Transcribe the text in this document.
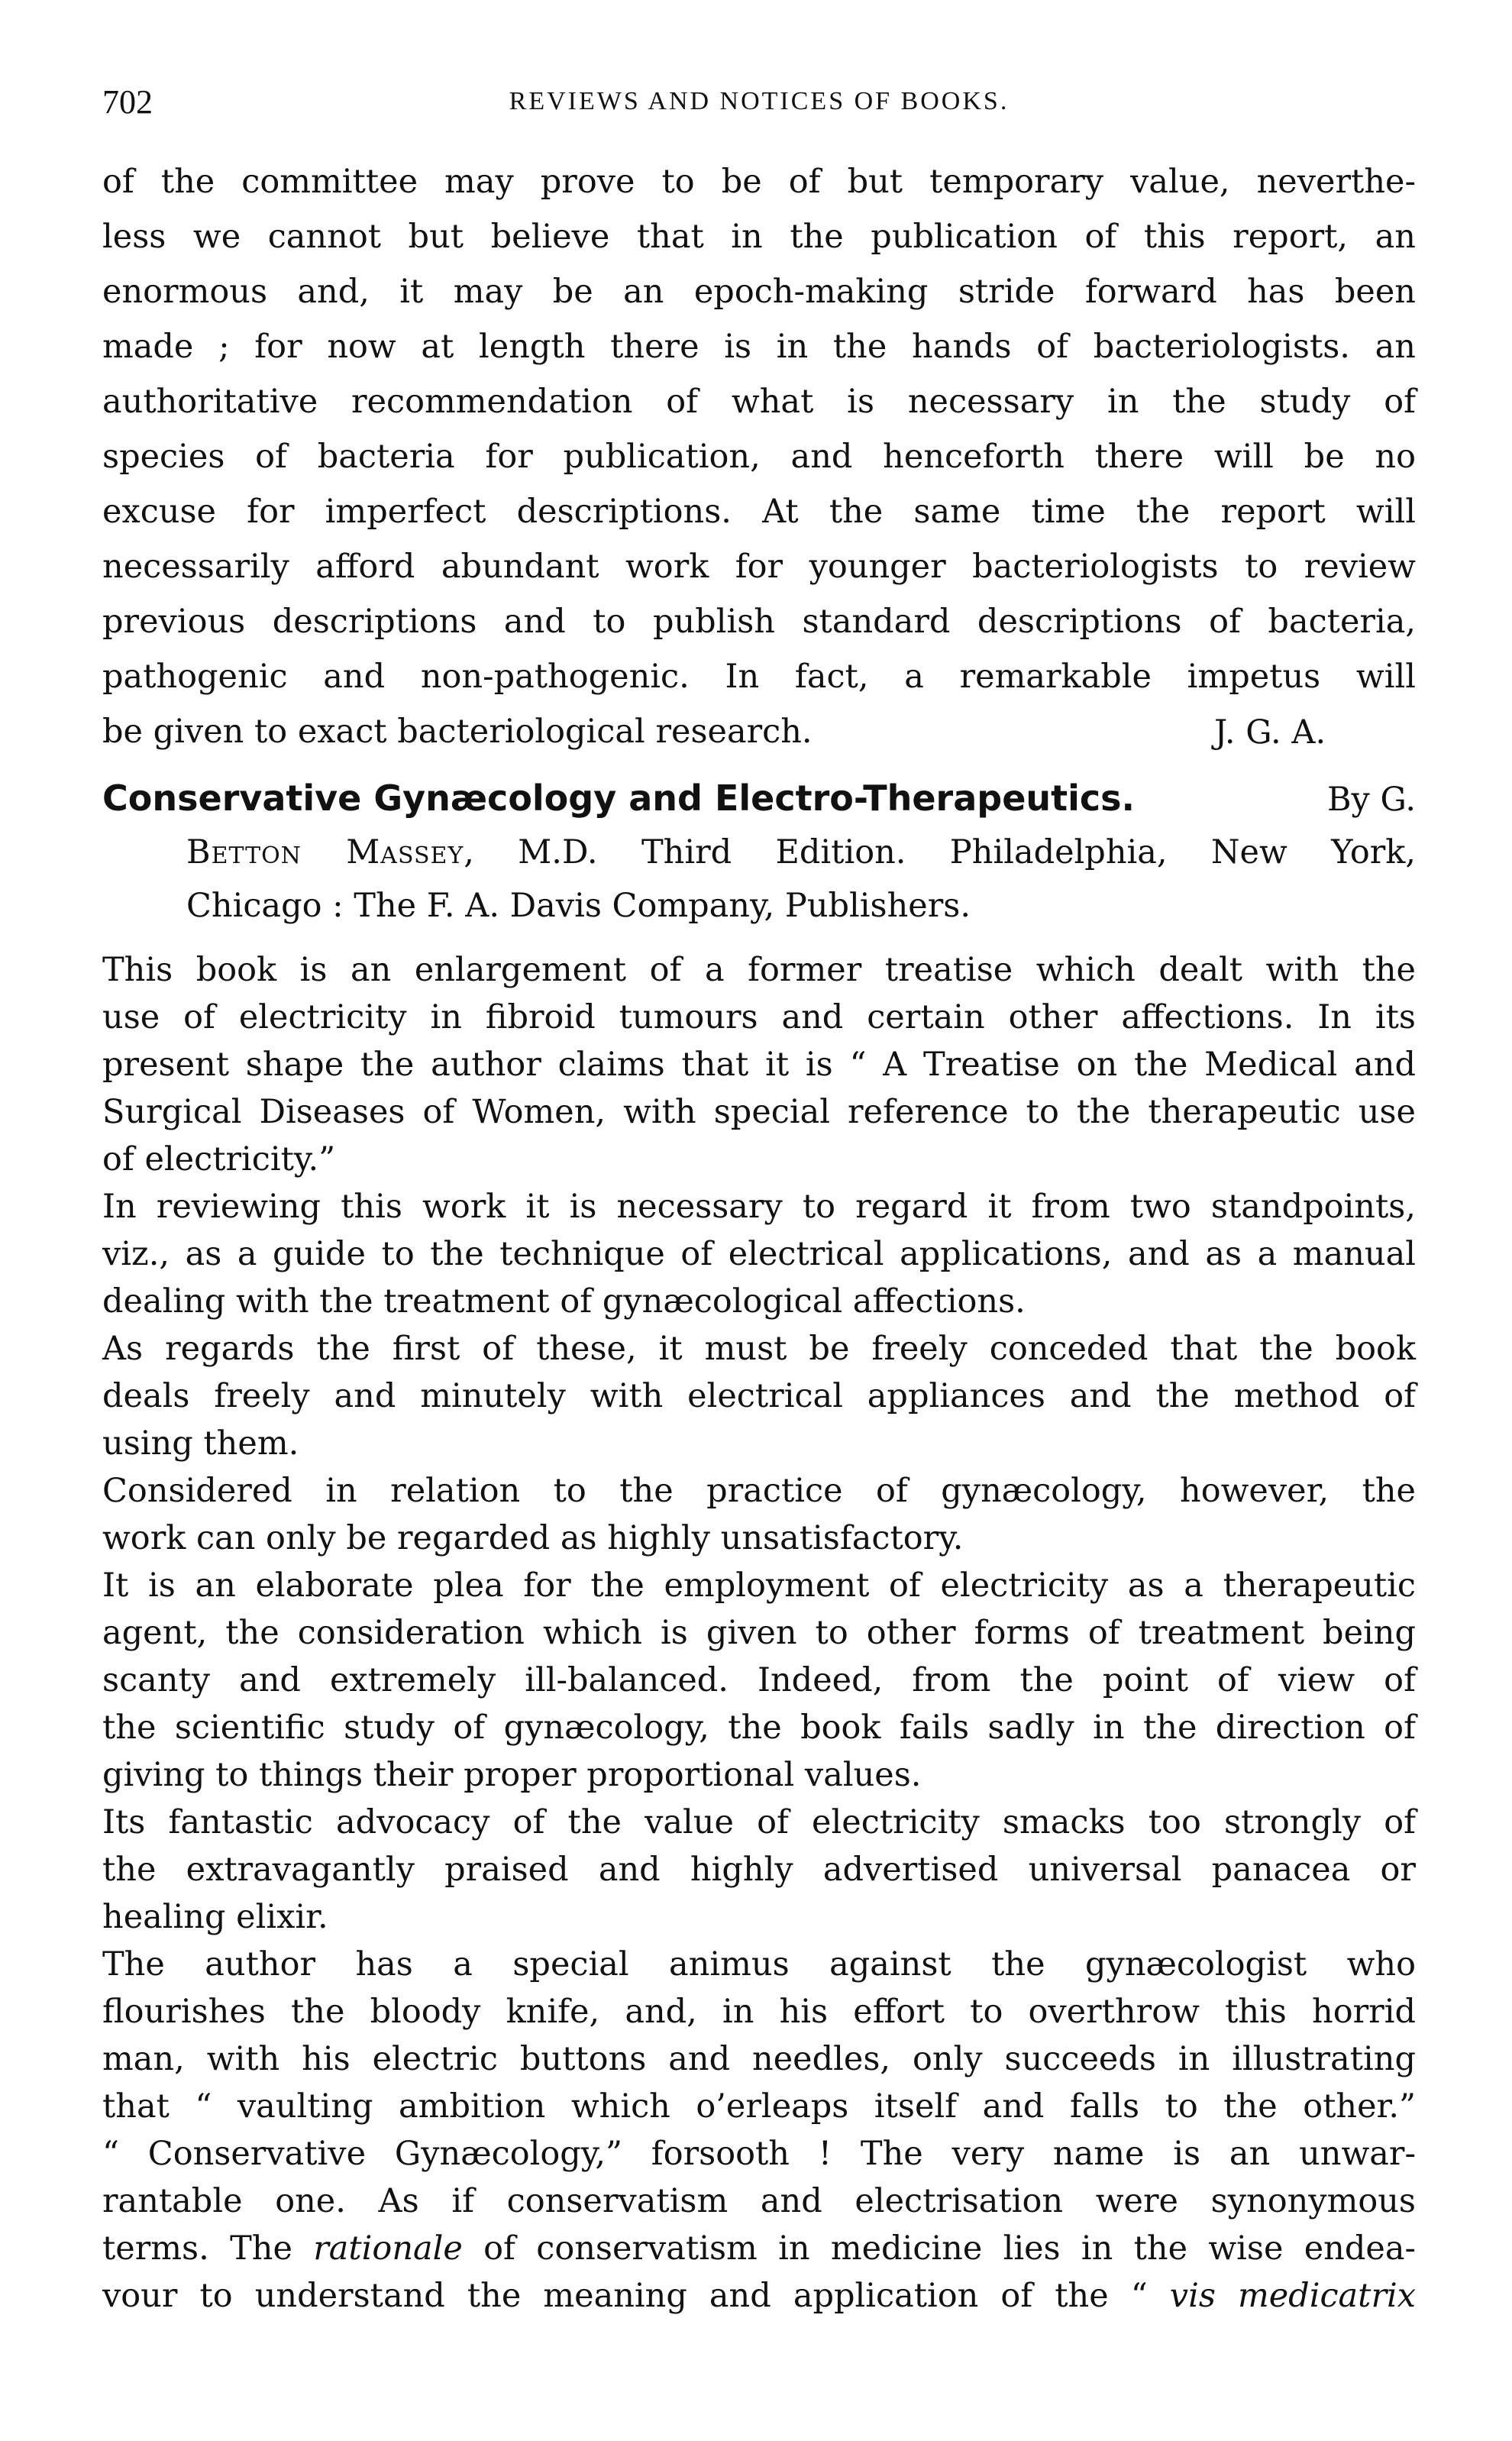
702	REVIEWS AND NOTICES OF BOOKS.
of the committee may prove to be of but temporary value, neverthe-
less we cannot but believe that in the publication of this report, an
enormous and, it may be an epoch-making stride forward has been
made ; for now at length there is in the hands of bacteriologists. an
authoritative recommendation of what is necessary in the study of
species of bacteria for publication, and henceforth there will be no
excuse for imperfect descriptions. At the same time the report will
necessarily afford abundant work for younger bacteriologists to review
previous descriptions and to publish standard descriptions of bacteria,
pathogenic and non-pathogenic. In fact, a remarkable impetus will
be given to exact bacteriological research.	J. G. A.
Conservative Gynæcology and Electro-Therapeutics.	By G.
Betton Massey, M.D. Third Edition. Philadelphia, New York,
Chicago : The F. A. Davis Company, Publishers.
This book is an enlargement of a former treatise which dealt with the
use of electricity in fibroid tumours and certain other affections. In its
present shape the author claims that it is “ A Treatise on the Medical and
Surgical Diseases of Women, with special reference to the therapeutic use
of electricity.”
In reviewing this work it is necessary to regard it from two standpoints,
viz., as a guide to the technique of electrical applications, and as a manual
dealing with the treatment of gynæcological affections.
As regards the first of these, it must be freely conceded that the book
deals freely and minutely with electrical appliances and the method of
using them.
Considered in relation to the practice of gynæcology, however, the
work can only be regarded as highly unsatisfactory.
It is an elaborate plea for the employment of electricity as a therapeutic
agent, the consideration which is given to other forms of treatment being
scanty and extremely ill-balanced. Indeed, from the point of view of
the scientific study of gynæcology, the book fails sadly in the direction of
giving to things their proper proportional values.
Its fantastic advocacy of the value of electricity smacks too strongly of
the extravagantly praised and highly advertised universal panacea or
healing elixir.
The author has a special animus against the gynæcologist who
flourishes the bloody knife, and, in his effort to overthrow this horrid
man, with his electric buttons and needles, only succeeds in illustrating
that “ vaulting ambition which o’erleaps itself and falls to the other.”
“ Conservative Gynæcology,” forsooth ! The very name is an unwar-
rantable one. As if conservatism and electrisation were synonymous
terms. The rationale of conservatism in medicine lies in the wise endea-
vour to understand the meaning and application of the “ vis medicatrix
